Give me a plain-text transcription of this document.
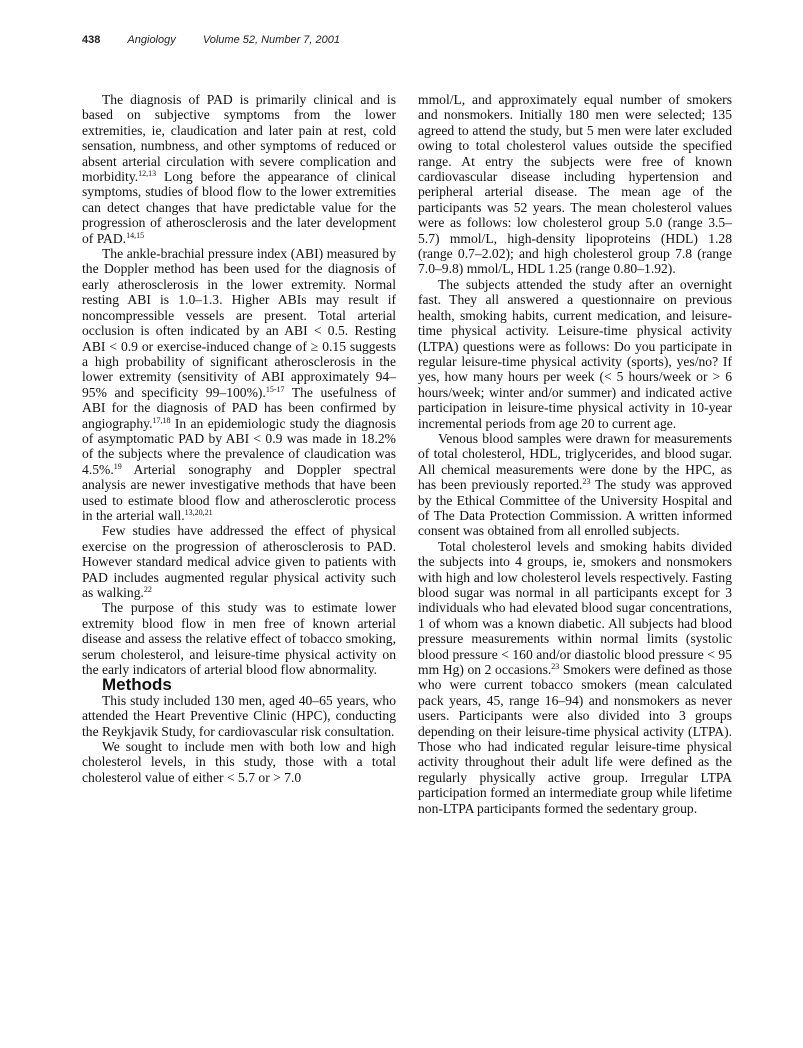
438 Angiology Volume 52, Number 7, 2001

The diagnosis of PAD is primarily clinical and is based on subjective symptoms from the lower extremities, ie, claudication and later pain at rest, cold sensation, numbness, and other symptoms of reduced or absent arterial circulation with severe complication and morbidity.$^{12,13}$ Long before the appearance of clinical symptoms, studies of blood flow to the lower extremities can detect changes that have predictable value for the progression of atherosclerosis and the later development of PAD.$^{14,15}$

The ankle-brachial pressure index (ABI) measured by the Doppler method has been used for the diagnosis of early atherosclerosis in the lower extremity. Normal resting ABI is 1.0–1.3. Higher ABIs may result if noncompressible vessels are present. Total arterial occlusion is often indicated by an ABI < 0.5. Resting ABI < 0.9 or exercise-induced change of ≥ 0.15 suggests a high probability of significant atherosclerosis in the lower extremity (sensitivity of ABI approximately 94–95% and specificity 99–100%).$^{15-17}$ The usefulness of ABI for the diagnosis of PAD has been confirmed by angiography.$^{17,18}$ In an epidemiologic study the diagnosis of asymptomatic PAD by ABI < 0.9 was made in 18.2% of the subjects where the prevalence of claudication was 4.5%.$^{19}$ Arterial sonography and Doppler spectral analysis are newer investigative methods that have been used to estimate blood flow and atherosclerotic process in the arterial wall.$^{13,20,21}$

Few studies have addressed the effect of physical exercise on the progression of atherosclerosis to PAD. However standard medical advice given to patients with PAD includes augmented regular physical activity such as walking.$^{22}$

The purpose of this study was to estimate lower extremity blood flow in men free of known arterial disease and assess the relative effect of tobacco smoking, serum cholesterol, and leisure-time physical activity on the early indicators of arterial blood flow abnormality.

Methods

This study included 130 men, aged 40–65 years, who attended the Heart Preventive Clinic (HPC), conducting the Reykjavik Study, for cardiovascular risk consultation.

We sought to include men with both low and high cholesterol levels, in this study, those with a total cholesterol value of either < 5.7 or > 7.0

mmol/L, and approximately equal number of smokers and nonsmokers. Initially 180 men were selected; 135 agreed to attend the study, but 5 men were later excluded owing to total cholesterol values outside the specified range. At entry the subjects were free of known cardiovascular disease including hypertension and peripheral arterial disease. The mean age of the participants was 52 years. The mean cholesterol values were as follows: low cholesterol group 5.0 (range 3.5–5.7) mmol/L, high-density lipoproteins (HDL) 1.28 (range 0.7–2.02); and high cholesterol group 7.8 (range 7.0–9.8) mmol/L, HDL 1.25 (range 0.80–1.92).

The subjects attended the study after an overnight fast. They all answered a questionnaire on previous health, smoking habits, current medication, and leisure-time physical activity. Leisure-time physical activity (LTPA) questions were as follows: Do you participate in regular leisure-time physical activity (sports), yes/no? If yes, how many hours per week (< 5 hours/week or > 6 hours/week; winter and/or summer) and indicated active participation in leisure-time physical activity in 10-year incremental periods from age 20 to current age.

Venous blood samples were drawn for measurements of total cholesterol, HDL, triglycerides, and blood sugar. All chemical measurements were done by the HPC, as has been previously reported.$^{23}$ The study was approved by the Ethical Committee of the University Hospital and of The Data Protection Commission. A written informed consent was obtained from all enrolled subjects.

Total cholesterol levels and smoking habits divided the subjects into 4 groups, ie, smokers and nonsmokers with high and low cholesterol levels respectively. Fasting blood sugar was normal in all participants except for 3 individuals who had elevated blood sugar concentrations, 1 of whom was a known diabetic. All subjects had blood pressure measurements within normal limits (systolic blood pressure < 160 and/or diastolic blood pressure < 95 mm Hg) on 2 occasions.$^{23}$ Smokers were defined as those who were current tobacco smokers (mean calculated pack years, 45, range 16–94) and nonsmokers as never users. Participants were also divided into 3 groups depending on their leisure-time physical activity (LTPA). Those who had indicated regular leisure-time physical activity throughout their adult life were defined as the regularly physically active group. Irregular LTPA participation formed an intermediate group while lifetime non-LTPA participants formed the sedentary group.
